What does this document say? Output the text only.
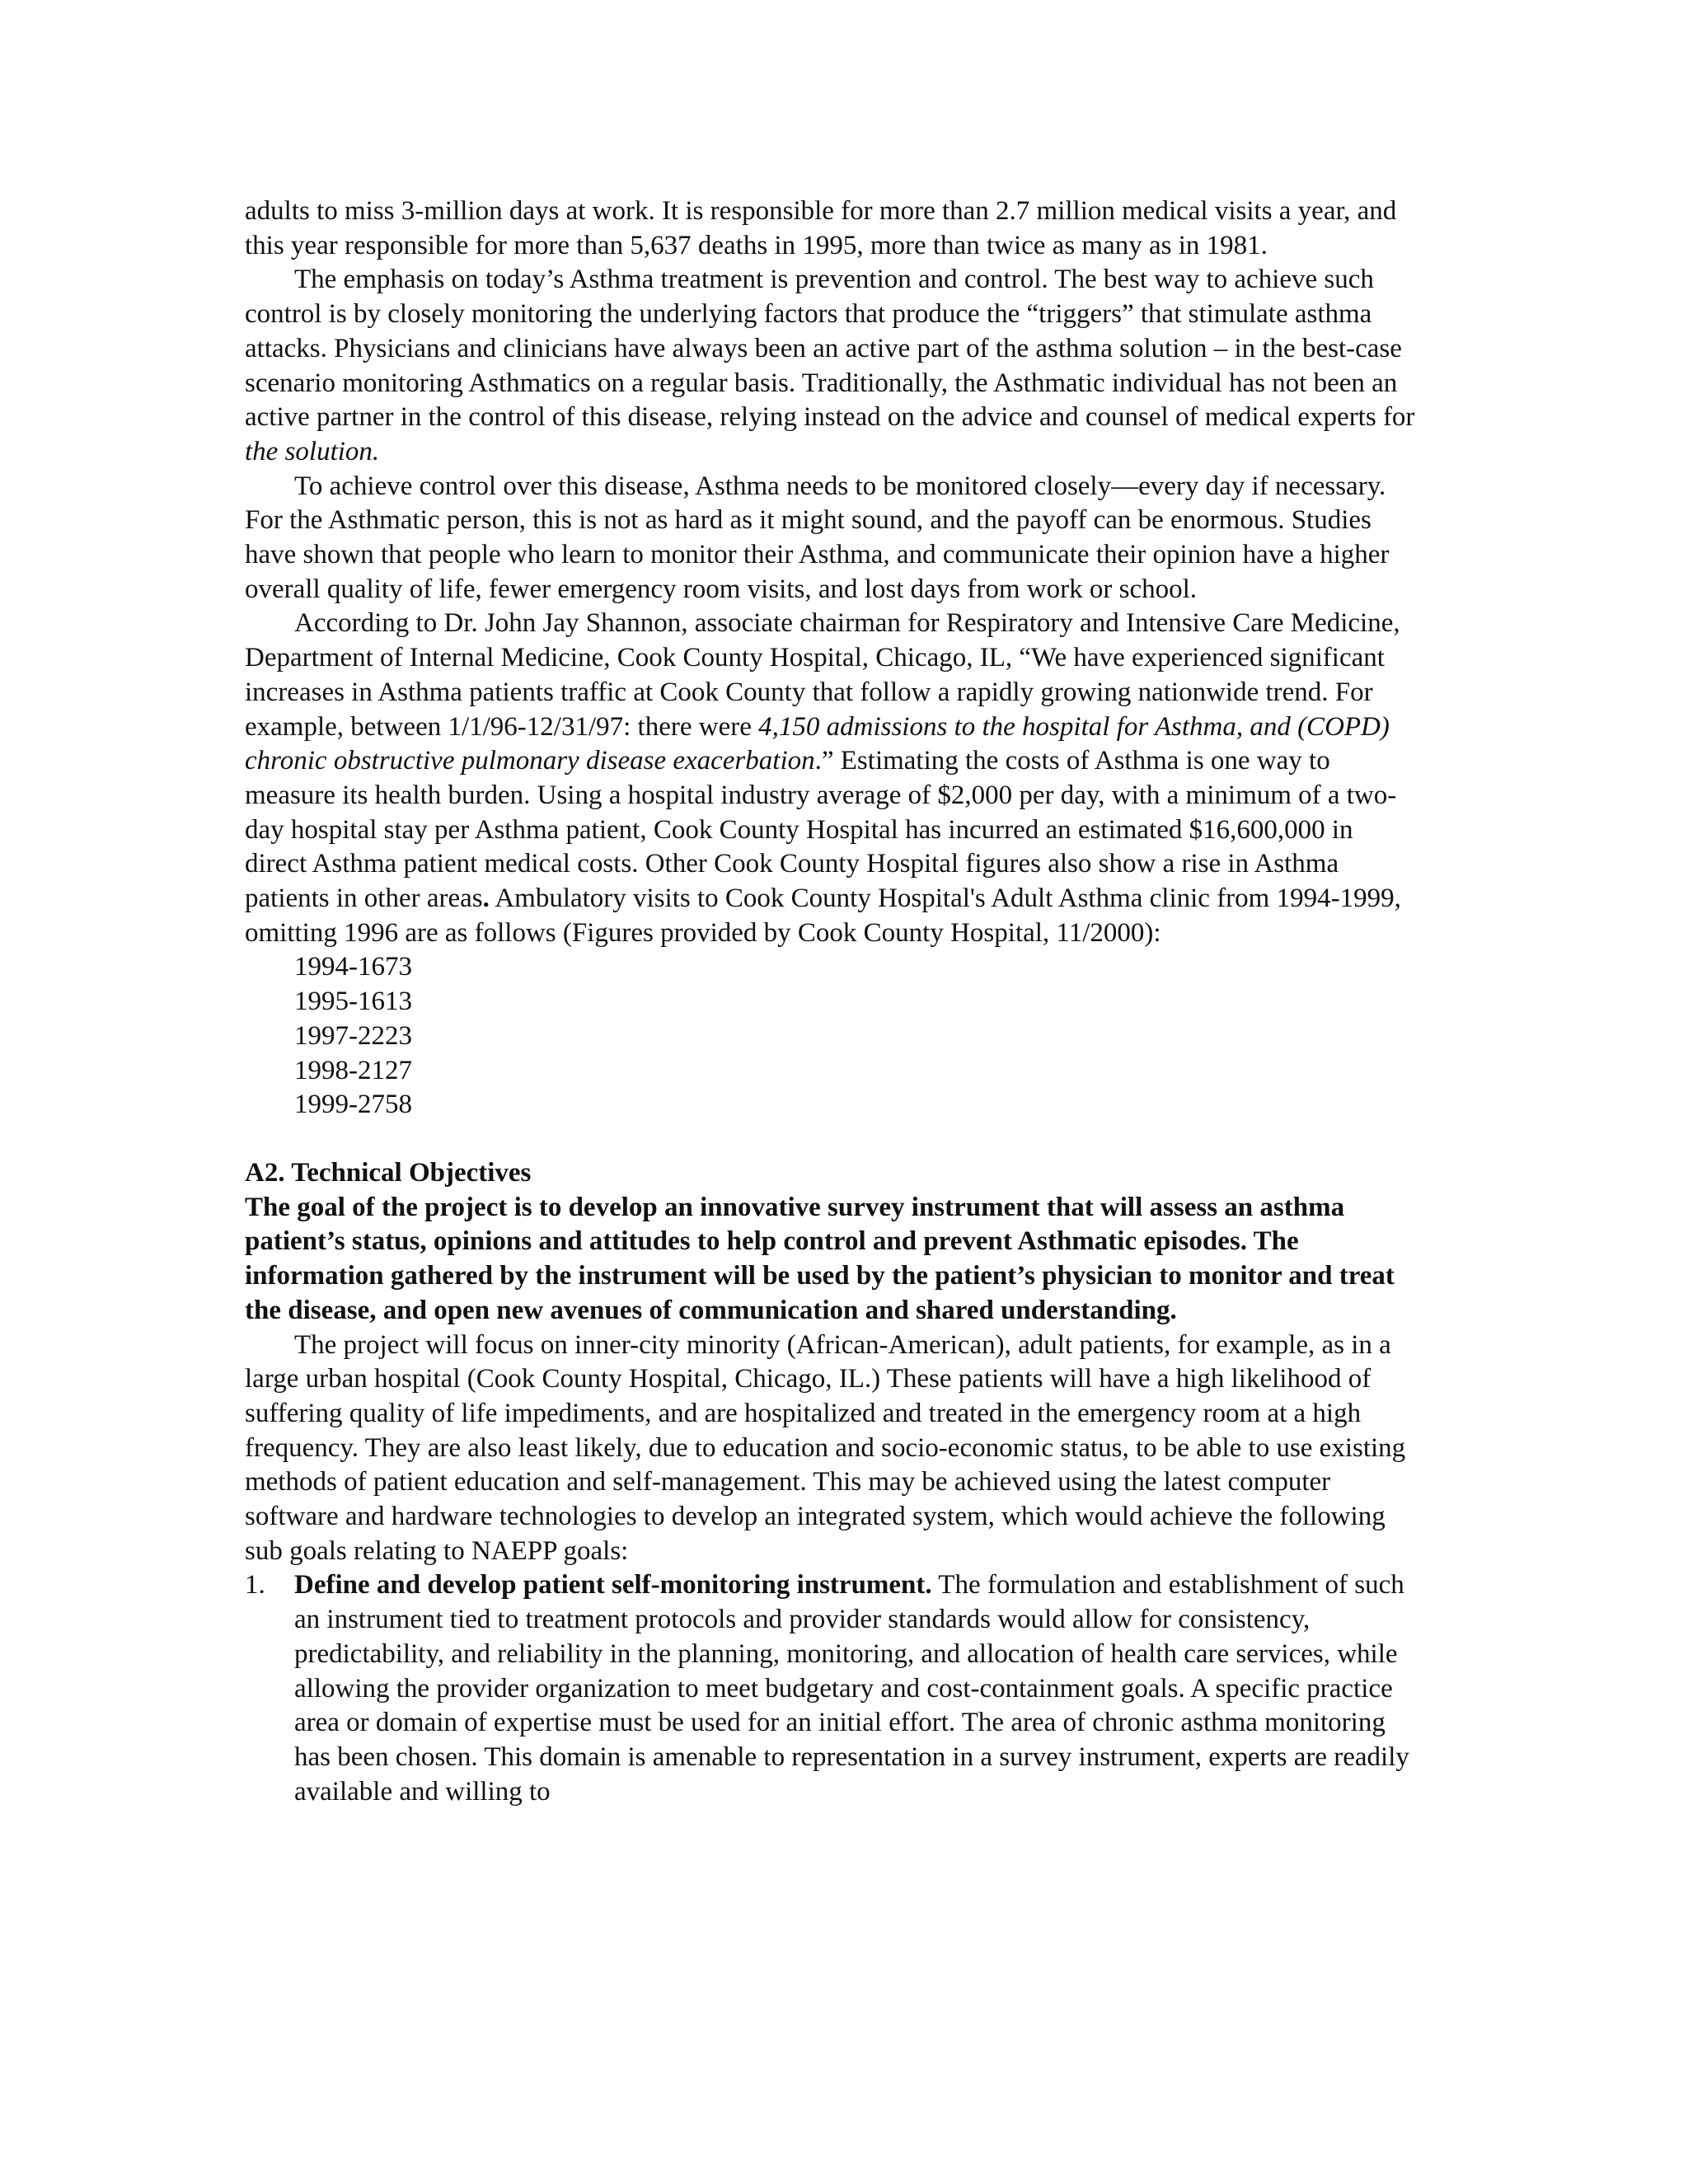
adults to miss 3-million days at work. It is responsible for more than 2.7 million medical visits a year, and this year responsible for more than 5,637 deaths in 1995, more than twice as many as in 1981.

The emphasis on today’s Asthma treatment is prevention and control. The best way to achieve such control is by closely monitoring the underlying factors that produce the “triggers” that stimulate asthma attacks. Physicians and clinicians have always been an active part of the asthma solution – in the best-case scenario monitoring Asthmatics on a regular basis. Traditionally, the Asthmatic individual has not been an active partner in the control of this disease, relying instead on the advice and counsel of medical experts for the solution.

To achieve control over this disease, Asthma needs to be monitored closely—every day if necessary. For the Asthmatic person, this is not as hard as it might sound, and the payoff can be enormous. Studies have shown that people who learn to monitor their Asthma, and communicate their opinion have a higher overall quality of life, fewer emergency room visits, and lost days from work or school.

According to Dr. John Jay Shannon, associate chairman for Respiratory and Intensive Care Medicine, Department of Internal Medicine, Cook County Hospital, Chicago, IL, “We have experienced significant increases in Asthma patients traffic at Cook County that follow a rapidly growing nationwide trend. For example, between 1/1/96-12/31/97: there were 4,150 admissions to the hospital for Asthma, and (COPD) chronic obstructive pulmonary disease exacerbation.” Estimating the costs of Asthma is one way to measure its health burden. Using a hospital industry average of $2,000 per day, with a minimum of a two-day hospital stay per Asthma patient, Cook County Hospital has incurred an estimated $16,600,000 in direct Asthma patient medical costs. Other Cook County Hospital figures also show a rise in Asthma patients in other areas. Ambulatory visits to Cook County Hospital's Adult Asthma clinic from 1994-1999, omitting 1996 are as follows (Figures provided by Cook County Hospital, 11/2000):

1994-1673

1995-1613

1997-2223

1998-2127

1999-2758

A2. Technical Objectives

The goal of the project is to develop an innovative survey instrument that will assess an asthma patient’s status, opinions and attitudes to help control and prevent Asthmatic episodes. The information gathered by the instrument will be used by the patient’s physician to monitor and treat the disease, and open new avenues of communication and shared understanding.

The project will focus on inner-city minority (African-American), adult patients, for example, as in a large urban hospital (Cook County Hospital, Chicago, IL.) These patients will have a high likelihood of suffering quality of life impediments, and are hospitalized and treated in the emergency room at a high frequency. They are also least likely, due to education and socio-economic status, to be able to use existing methods of patient education and self-management. This may be achieved using the latest computer software and hardware technologies to develop an integrated system, which would achieve the following sub goals relating to NAEPP goals:

1.	Define and develop patient self-monitoring instrument. The formulation and establishment of such an instrument tied to treatment protocols and provider standards would allow for consistency, predictability, and reliability in the planning, monitoring, and allocation of health care services, while allowing the provider organization to meet budgetary and cost-containment goals. A specific practice area or domain of expertise must be used for an initial effort. The area of chronic asthma monitoring has been chosen. This domain is amenable to representation in a survey instrument, experts are readily available and willing to
